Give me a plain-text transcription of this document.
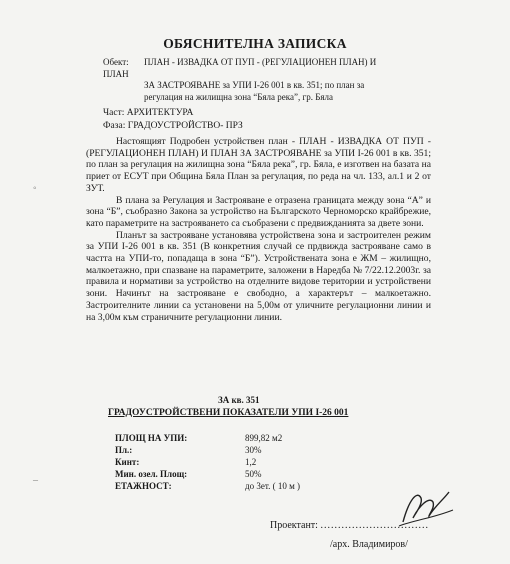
ОБЯСНИТЕЛНА ЗАПИСКА
Обект: ПЛАН - ИЗВАДКА ОТ ПУП - (РЕГУЛАЦИОНЕН ПЛАН) И ПЛАН
ЗА ЗАСТРОЯВАНЕ за УПИ I-26 001 в кв. 351; по план за
регулация на жилищна зона “Бяла река”, гр. Бяла
Част: АРХИТЕКТУРА
Фаза: ГРАДОУСТРОЙСТВО- ПРЗ

Настоящият Подробен устройствен план - ПЛАН - ИЗВАДКА ОТ ПУП - (РЕГУЛАЦИОНЕН ПЛАН) И ПЛАН ЗА ЗАСТРОЯВАНЕ за УПИ I-26 001 в кв. 351; по план за регулация на жилищна зона “Бяла река”, гр. Бяла, е изготвен на базата на приет от ЕСУТ при Община Бяла План за регулация, по реда на чл. 133, ал.1 и 2 от ЗУТ.

В плана за Регулация и Застрояване е отразена границата между зона “А” и зона “Б”, съобразно Закона за устройство на Българското Черноморско крайбрежие, като параметрите на застрояването са съобразени с предвижданията за двете зони.

Планът за застрояване установява устройствена зона и застроителен режим за УПИ I-26 001 в кв. 351 (В конкретния случай се прдвижда застрояване само в частта на УПИ-то, попадаща в зона “Б”). Устройствената зона е ЖМ – жилищно, малкоетажно, при спазване на параметрите, заложени в Наредба № 7/22.12.2003г. за правила и нормативи за устройство на отделните видове територии и устройствени зони. Начинът на застрояване е свободно, а характерът – малкоетажно. Застроителните линии са установени на 5,00м от уличните регулационни линии и на 3,00м към страничните регулационни линии.

ЗА кв. 351
ГРАДОУСТРОЙСТВЕНИ ПОКАЗАТЕЛИ УПИ I-26 001
ПЛОЩ НА УПИ:	899,82 м2
Пл.:	30%
Кинт:	1,2
Мин. озел. Площ:	50%
ЕТАЖНОСТ:	до 3ет. ( 10 м )
Проектант: ...............................
/арх. Владимиров/
◦
–
